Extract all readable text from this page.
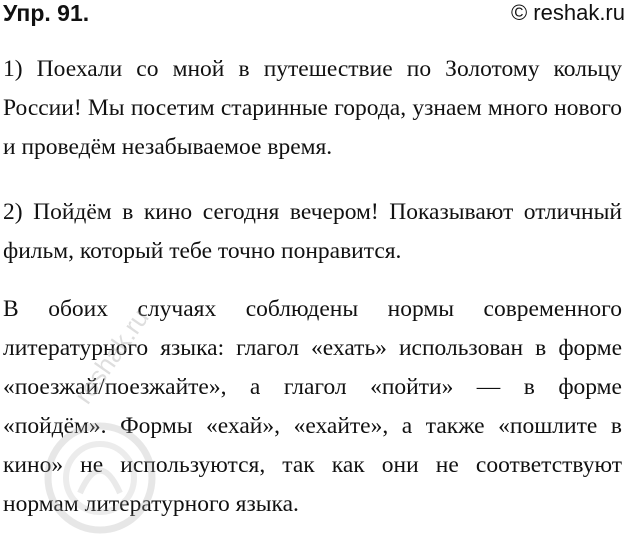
Упр. 91.	© reshak.ru

1) Поехали со мной в путешествие по Золотому кольцу России! Мы посетим старинные города, узнаем много нового и проведём незабываемое время.

2) Пойдём в кино сегодня вечером! Показывают отличный фильм, который тебе точно понравится.

В обоих случаях соблюдены нормы современного литературного языка: глагол «ехать» использован в форме «поезжай/поезжайте», а глагол «пойти» — в форме «пойдём». Формы «ехай», «ехайте», а также «пошлите в кино» не используются, так как они не соответствуют нормам литературного языка.

reshak.ru
